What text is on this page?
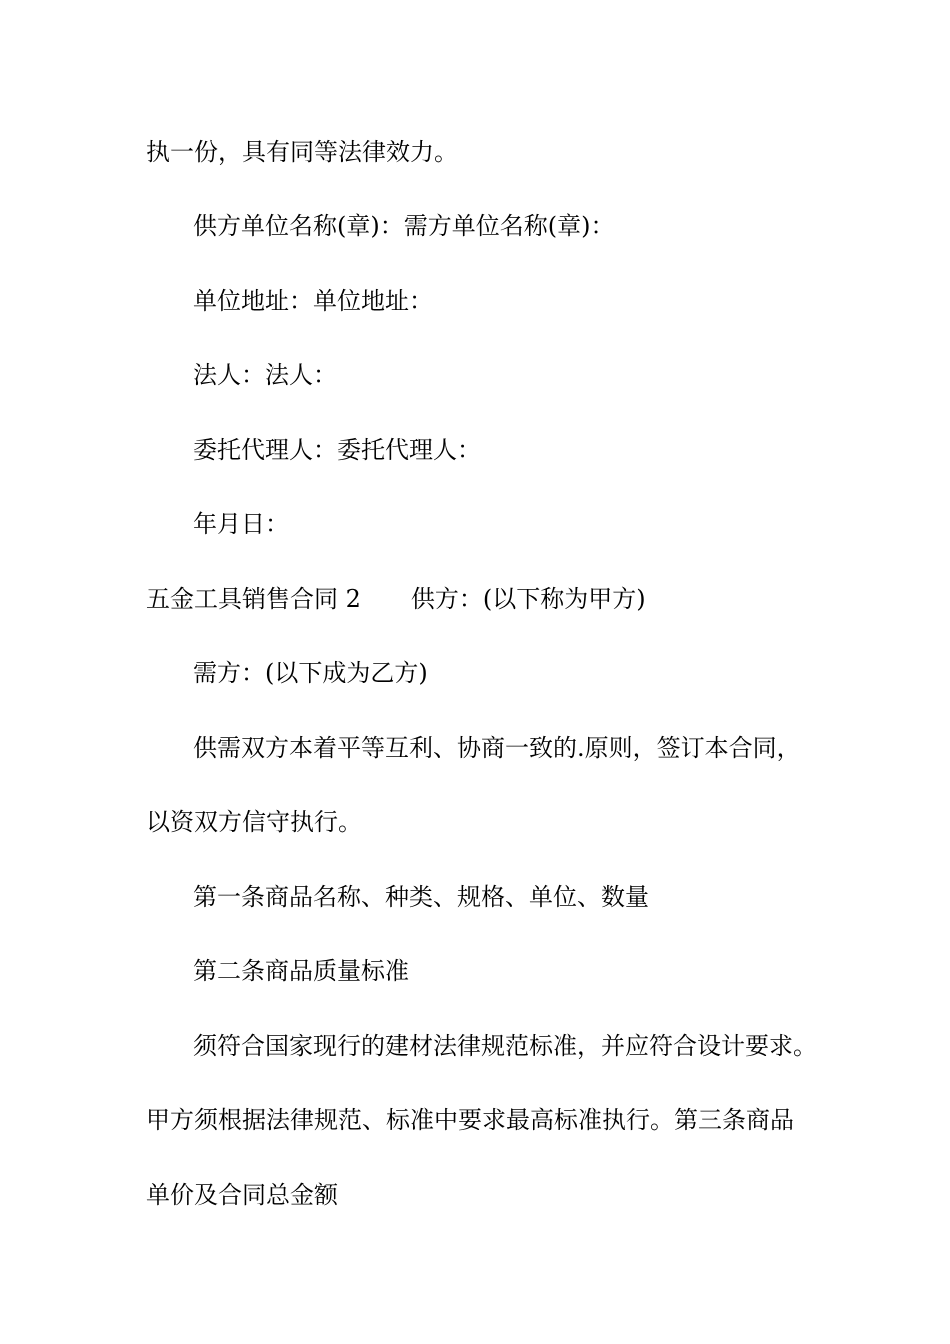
执一份，具有同等法律效力。
供方单位名称(章)：需方单位名称(章)：
单位地址：单位地址：
法人：法人：
委托代理人：委托代理人：
年月日：
五金工具销售合同 2 供方：(以下称为甲方)
需方：(以下成为乙方)
供需双方本着平等互利、协商一致的.原则，签订本合同，
以资双方信守执行。
第一条商品名称、种类、规格、单位、数量
第二条商品质量标准
须符合国家现行的建材法律规范标准，并应符合设计要求。
甲方须根据法律规范、标准中要求最高标准执行。第三条商品
单价及合同总金额
